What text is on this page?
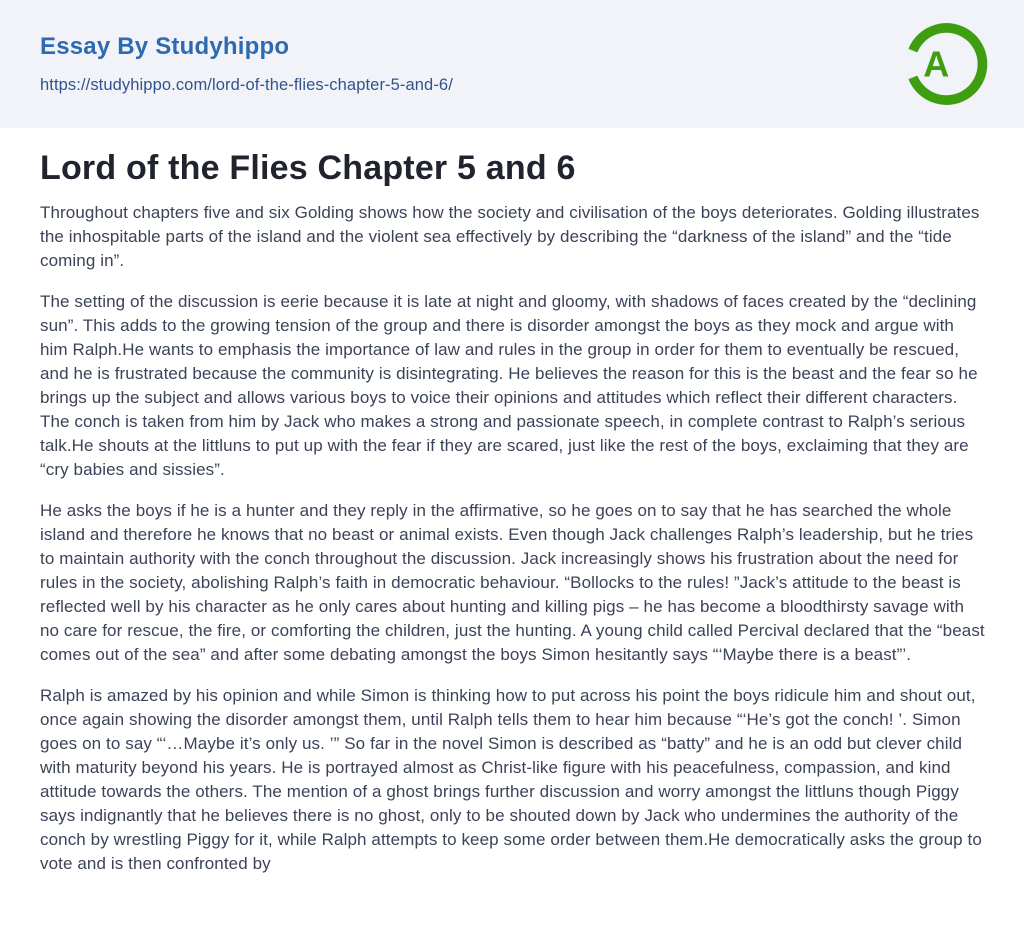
Essay By Studyhippo
https://studyhippo.com/lord-of-the-flies-chapter-5-and-6/
A
Lord of the Flies Chapter 5 and 6

Throughout chapters five and six Golding shows how the society and civilisation of the boys deteriorates. Golding illustrates the inhospitable parts of the island and the violent sea effectively by describing the “darkness of the island” and the “tide coming in”.

The setting of the discussion is eerie because it is late at night and gloomy, with shadows of faces created by the “declining sun”. This adds to the growing tension of the group and there is disorder amongst the boys as they mock and argue with him Ralph.He wants to emphasis the importance of law and rules in the group in order for them to eventually be rescued, and he is frustrated because the community is disintegrating. He believes the reason for this is the beast and the fear so he brings up the subject and allows various boys to voice their opinions and attitudes which reflect their different characters. The conch is taken from him by Jack who makes a strong and passionate speech, in complete contrast to Ralph’s serious talk.He shouts at the littluns to put up with the fear if they are scared, just like the rest of the boys, exclaiming that they are “cry babies and sissies”.

He asks the boys if he is a hunter and they reply in the affirmative, so he goes on to say that he has searched the whole island and therefore he knows that no beast or animal exists. Even though Jack challenges Ralph’s leadership, but he tries to maintain authority with the conch throughout the discussion. Jack increasingly shows his frustration about the need for rules in the society, abolishing Ralph’s faith in democratic behaviour. “Bollocks to the rules! ”Jack’s attitude to the beast is reflected well by his character as he only cares about hunting and killing pigs – he has become a bloodthirsty savage with no care for rescue, the fire, or comforting the children, just the hunting. A young child called Percival declared that the “beast comes out of the sea” and after some debating amongst the boys Simon hesitantly says “‘Maybe there is a beast”’.

Ralph is amazed by his opinion and while Simon is thinking how to put across his point the boys ridicule him and shout out, once again showing the disorder amongst them, until Ralph tells them to hear him because “‘He’s got the conch! ’. Simon goes on to say “‘…Maybe it’s only us. ’” So far in the novel Simon is described as “batty” and he is an odd but clever child with maturity beyond his years. He is portrayed almost as Christ-like figure with his peacefulness, compassion, and kind attitude towards the others. The mention of a ghost brings further discussion and worry amongst the littluns though Piggy says indignantly that he believes there is no ghost, only to be shouted down by Jack who undermines the authority of the conch by wrestling Piggy for it, while Ralph attempts to keep some order between them.He democratically asks the group to vote and is then confronted by
